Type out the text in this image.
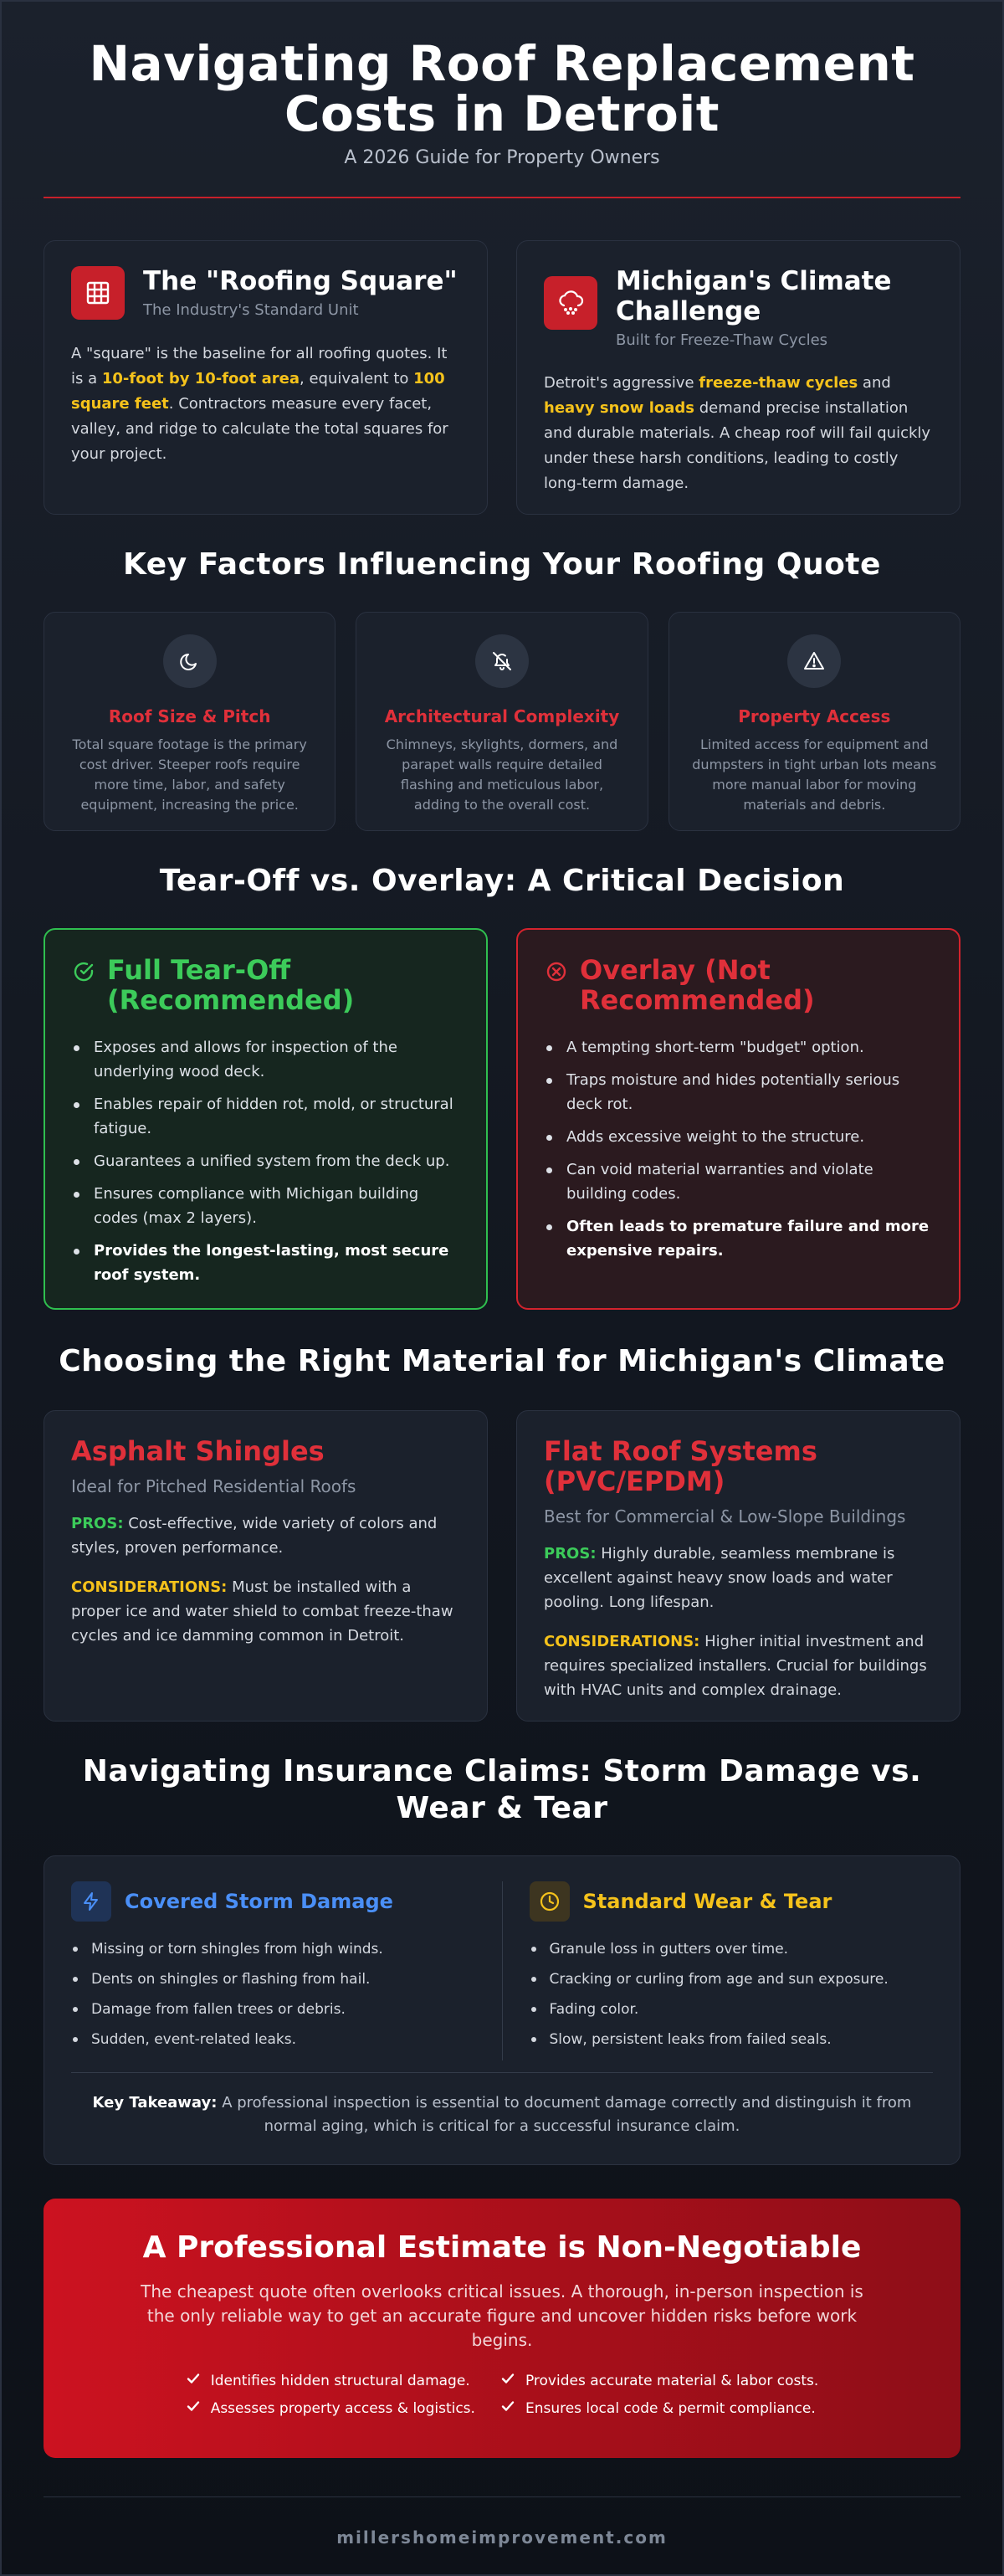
Navigating Roof Replacement
Costs in Detroit
A 2026 Guide for Property Owners
The "Roofing Square"
The Industry's Standard Unit

A "square" is the baseline for all roofing quotes. It is a 10-foot by 10-foot area, equivalent to 100 square feet. Contractors measure every facet, valley, and ridge to calculate the total squares for your project.

Michigan's Climate Challenge
Built for Freeze-Thaw Cycles

Detroit's aggressive freeze-thaw cycles and heavy snow loads demand precise installation and durable materials. A cheap roof will fail quickly under these harsh conditions, leading to costly long-term damage.

Key Factors Influencing Your Roofing Quote
Roof Size & Pitch
Total square footage is the primary cost driver. Steeper roofs require more time, labor, and safety equipment, increasing the price.
Architectural Complexity
Chimneys, skylights, dormers, and parapet walls require detailed flashing and meticulous labor, adding to the overall cost.
Property Access
Limited access for equipment and dumpsters in tight urban lots means more manual labor for moving materials and debris.
Tear-Off vs. Overlay: A Critical Decision
Full Tear-Off (Recommended)
Exposes and allows for inspection of the underlying wood deck.
Enables repair of hidden rot, mold, or structural fatigue.
Guarantees a unified system from the deck up.
Ensures compliance with Michigan building codes (max 2 layers).
Provides the longest-lasting, most secure roof system.
Overlay (Not Recommended)
A tempting short-term "budget" option.
Traps moisture and hides potentially serious deck rot.
Adds excessive weight to the structure.
Can void material warranties and violate building codes.
Often leads to premature failure and more expensive repairs.
Choosing the Right Material for Michigan's Climate
Asphalt Shingles
Ideal for Pitched Residential Roofs

PROS: Cost-effective, wide variety of colors and styles, proven performance.

CONSIDERATIONS: Must be installed with a proper ice and water shield to combat freeze-thaw cycles and ice damming common in Detroit.

Flat Roof Systems (PVC/EPDM)
Best for Commercial & Low-Slope Buildings

PROS: Highly durable, seamless membrane is excellent against heavy snow loads and water pooling. Long lifespan.

CONSIDERATIONS: Higher initial investment and requires specialized installers. Crucial for buildings with HVAC units and complex drainage.

Navigating Insurance Claims: Storm Damage vs. Wear & Tear
Covered Storm Damage
Missing or torn shingles from high winds.
Dents on shingles or flashing from hail.
Damage from fallen trees or debris.
Sudden, event-related leaks.
Standard Wear & Tear
Granule loss in gutters over time.
Cracking or curling from age and sun exposure.
Fading color.
Slow, persistent leaks from failed seals.

Key Takeaway: A professional inspection is essential to document damage correctly and distinguish it from normal aging, which is critical for a successful insurance claim.

A Professional Estimate is Non-Negotiable

The cheapest quote often overlooks critical issues. A thorough, in-person inspection is the only reliable way to get an accurate figure and uncover hidden risks before work begins.

Identifies hidden structural damage.	Provides accurate material & labor costs.
Assesses property access & logistics.	Ensures local code & permit compliance.
millershomeimprovement.com
